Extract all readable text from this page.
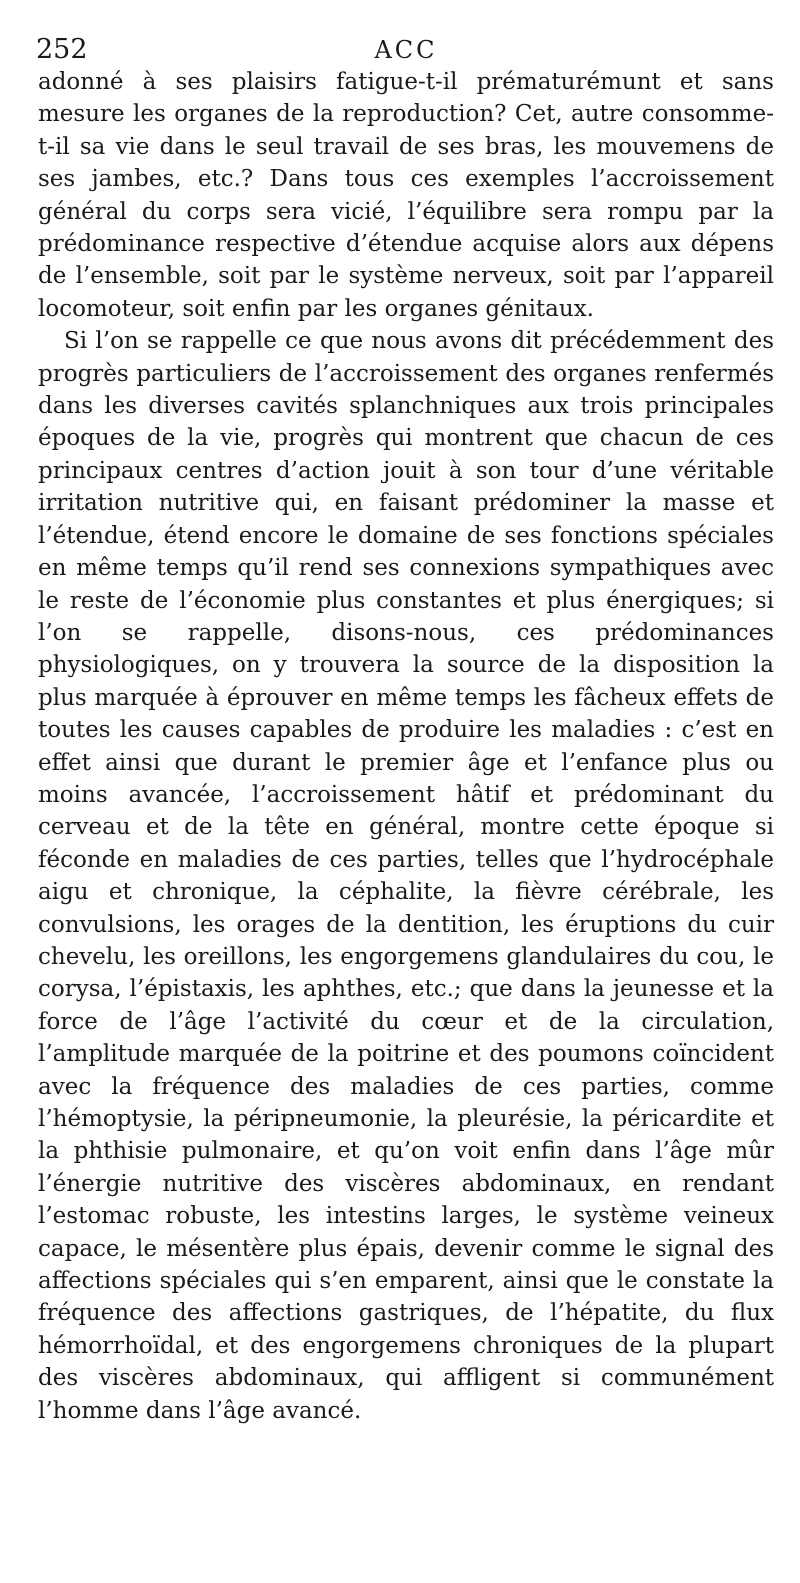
252	ACC

adonné à ses plaisirs fatigue-t-il prématurémunt et sans mesure les organes de la reproduction? Cet, autre consomme-t-il sa vie dans le seul travail de ses bras, les mouvemens de ses jambes, etc.? Dans tous ces exemples l’accroissement général du corps sera vicié, l’équilibre sera rompu par la prédominance respective d’étendue acquise alors aux dépens de l’ensemble, soit par le système nerveux, soit par l’appareil locomoteur, soit enfin par les organes génitaux.

Si l’on se rappelle ce que nous avons dit précédemment des progrès particuliers de l’accroissement des organes renfermés dans les diverses cavités splanchniques aux trois principales époques de la vie, progrès qui montrent que chacun de ces principaux centres d’action jouit à son tour d’une véritable irritation nutritive qui, en faisant prédominer la masse et l’étendue, étend encore le domaine de ses fonctions spéciales en même temps qu’il rend ses connexions sympathiques avec le reste de l’économie plus constantes et plus énergiques; si l’on se rappelle, disons-nous, ces prédominances physiologiques, on y trouvera la source de la disposition la plus marquée à éprouver en même temps les fâcheux effets de toutes les causes capables de produire les maladies : c’est en effet ainsi que durant le premier âge et l’enfance plus ou moins avancée, l’accroissement hâtif et prédominant du cerveau et de la tête en général, montre cette époque si féconde en maladies de ces parties, telles que l’hydrocéphale aigu et chronique, la céphalite, la fièvre cérébrale, les convulsions, les orages de la dentition, les éruptions du cuir chevelu, les oreillons, les engorgemens glandulaires du cou, le corysa, l’épistaxis, les aphthes, etc.; que dans la jeunesse et la force de l’âge l’activité du cœur et de la circulation, l’amplitude marquée de la poitrine et des poumons coïncident avec la fréquence des maladies de ces parties, comme l’hémoptysie, la péripneumonie, la pleurésie, la péricardite et la phthisie pulmonaire, et qu’on voit enfin dans l’âge mûr l’énergie nutritive des viscères abdominaux, en rendant l’estomac robuste, les intestins larges, le système veineux capace, le mésentère plus épais, devenir comme le signal des affections spéciales qui s’en emparent, ainsi que le constate la fréquence des affections gastriques, de l’hépatite, du flux hémorrhoïdal, et des engorgemens chroniques de la plupart des viscères abdominaux, qui affligent si communément l’homme dans l’âge avancé.
